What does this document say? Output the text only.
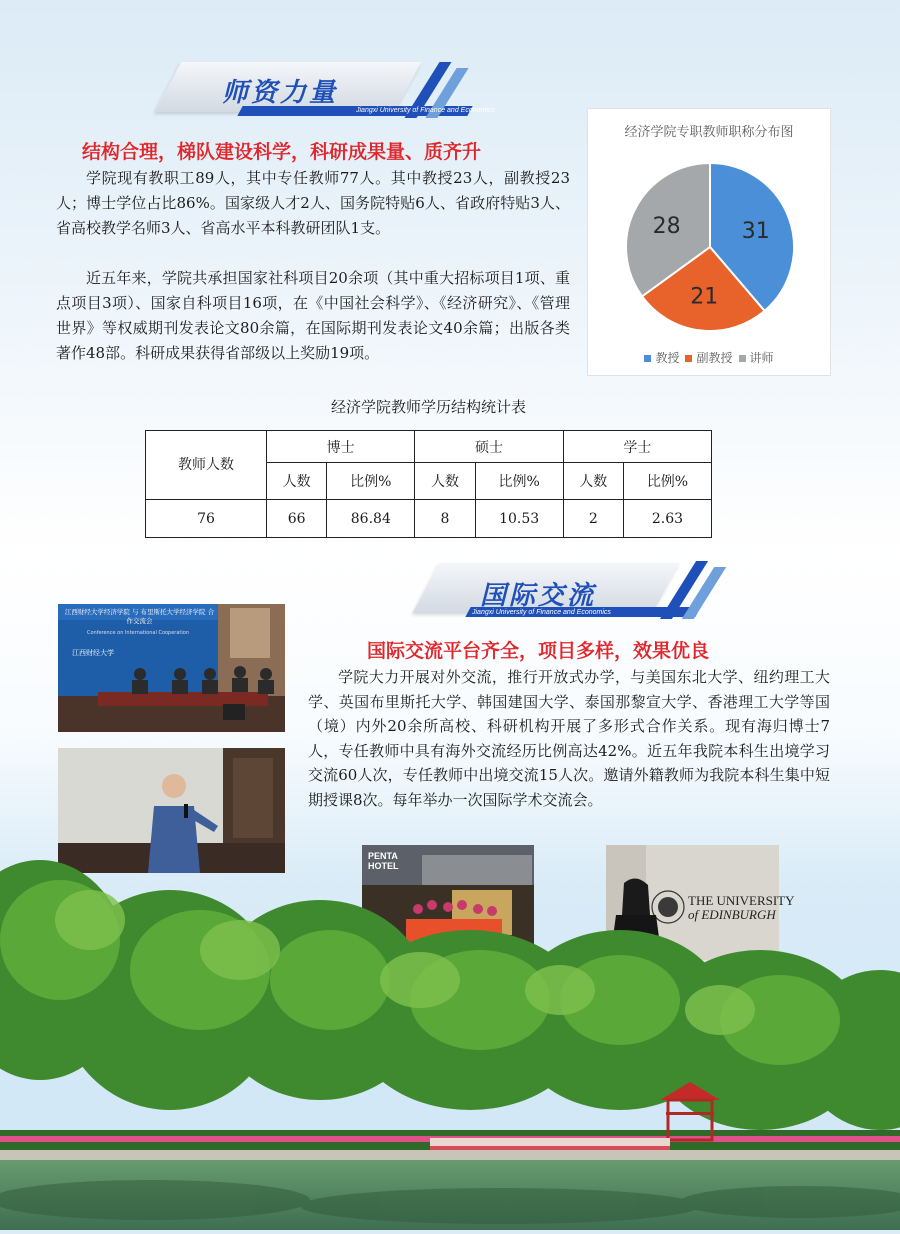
师资力量
Jiangxi University of Finance and Economics
结构合理，梯队建设科学，科研成果量、质齐升

学院现有教职工89人，其中专任教师77人。其中教授23人，副教授23人；博士学位占比86%。国家级人才2人、国务院特贴6人、省政府特贴3人、省高校教学名师3人、省高水平本科教研团队1支。

近五年来，学院共承担国家社科项目20余项（其中重大招标项目1项、重点项目3项）、国家自科项目16项，在《中国社会科学》、《经济研究》、《管理世界》等权威期刊发表论文80余篇，在国际期刊发表论文40余篇；出版各类著作48部。科研成果获得省部级以上奖励19项。

经济学院专职教师职称分布图
31
21
28
教授 副教授 讲师
经济学院教师学历结构统计表
教师人数	博士		硕士		学士	
	人数	比例%	人数	比例%	人数	比例%
76	66	86.84	8	10.53	2	2.63
国际交流
Jiangxi University of Finance and Economics
国际交流平台齐全，项目多样，效果优良

学院大力开展对外交流，推行开放式办学，与美国东北大学、纽约理工大学、英国布里斯托大学、韩国建国大学、泰国那黎宣大学、香港理工大学等国（境）内外20余所高校、科研机构开展了多形式合作关系。现有海归博士7人，专任教师中具有海外交流经历比例高达42%。近五年我院本科生出境学习交流60人次，专任教师中出境交流15人次。邀请外籍教师为我院本科生集中短期授课8次。每年举办一次国际学术交流会。

江西财经大学经济学院 与 布里斯托大学经济学院 合作交流会
Conference on International Cooperation
江西财经大学
PENTA HOTEL
THE UNIVERSITY
of EDINBURGH
